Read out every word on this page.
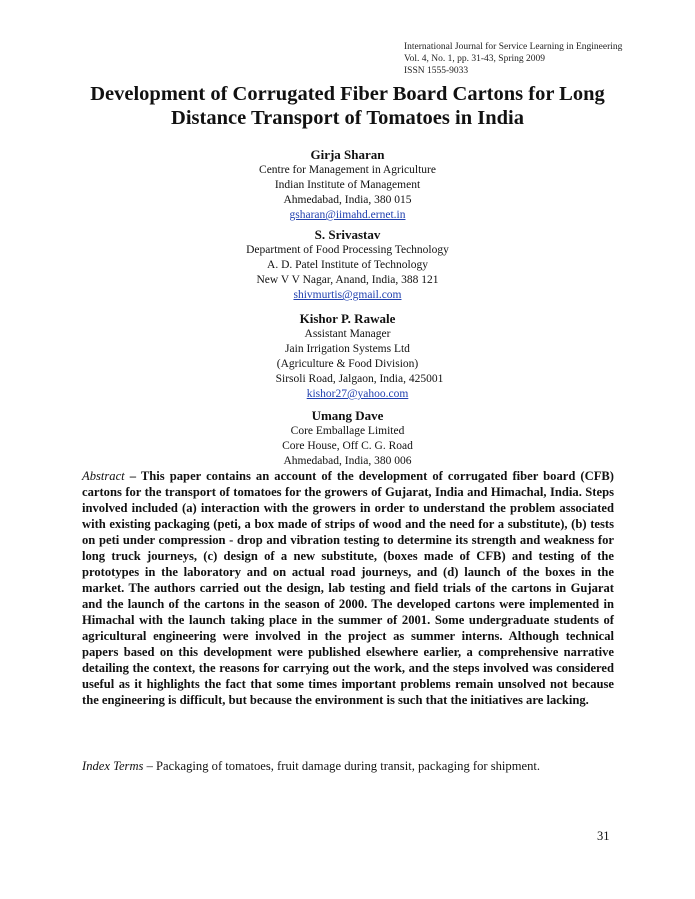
International Journal for Service Learning in Engineering
Vol. 4, No. 1, pp. 31-43, Spring 2009
ISSN 1555-9033
Development of Corrugated Fiber Board Cartons for Long
Distance Transport of Tomatoes in India
Girja Sharan
Centre for Management in Agriculture
Indian Institute of Management
Ahmedabad, India, 380 015
gsharan@iimahd.ernet.in
S. Srivastav
Department of Food Processing Technology
A. D. Patel Institute of Technology
New V V Nagar, Anand, India, 388 121
shivmurtis@gmail.com
Kishor P. Rawale
Assistant Manager
Jain Irrigation Systems Ltd
(Agriculture & Food Division)
Sirsoli Road, Jalgaon, India, 425001
kishor27@yahoo.com
Umang Dave
Core Emballage Limited
Core House, Off C. G. Road
Ahmedabad, India, 380 006
Abstract – This paper contains an account of the development of corrugated fiber board (CFB) cartons for the transport of tomatoes for the growers of Gujarat, India and Himachal, India. Steps involved included (a) interaction with the growers in order to understand the problem associated with existing packaging (peti, a box made of strips of wood and the need for a substitute), (b) tests on peti under compression - drop and vibration testing to determine its strength and weakness for long truck journeys, (c) design of a new substitute, (boxes made of CFB) and testing of the prototypes in the laboratory and on actual road journeys, and (d) launch of the boxes in the market. The authors carried out the design, lab testing and field trials of the cartons in Gujarat and the launch of the cartons in the season of 2000. The developed cartons were implemented in Himachal with the launch taking place in the summer of 2001. Some undergraduate students of agricultural engineering were involved in the project as summer interns. Although technical papers based on this development were published elsewhere earlier, a comprehensive narrative detailing the context, the reasons for carrying out the work, and the steps involved was considered useful as it highlights the fact that some times important problems remain unsolved not because the engineering is difficult, but because the environment is such that the initiatives are lacking.
Index Terms – Packaging of tomatoes, fruit damage during transit, packaging for shipment.
31
